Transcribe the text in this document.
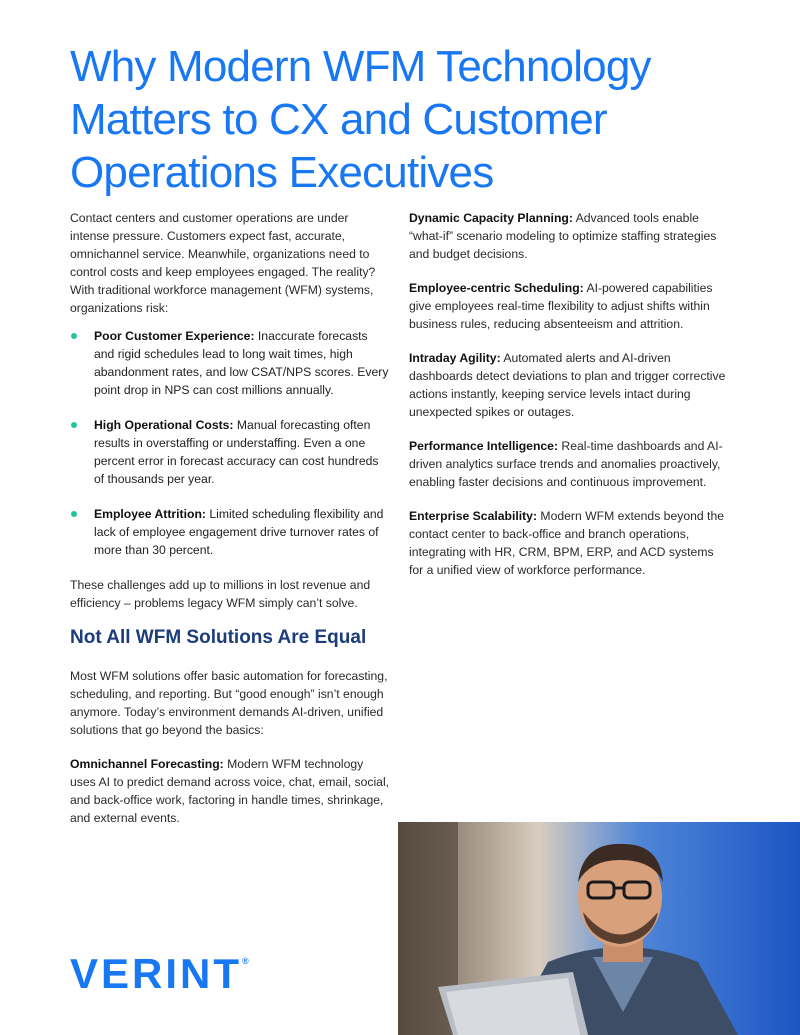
Why Modern WFM Technology
Matters to CX and Customer
Operations Executives

Contact centers and customer operations are under intense pressure. Customers expect fast, accurate, omnichannel service. Meanwhile, organizations need to control costs and keep employees engaged. The reality? With traditional workforce management (WFM) systems, organizations risk:

Poor Customer Experience: Inaccurate forecasts and rigid schedules lead to long wait times, high abandonment rates, and low CSAT/NPS scores. Every point drop in NPS can cost millions annually.
High Operational Costs: Manual forecasting often results in overstaffing or understaffing. Even a one percent error in forecast accuracy can cost hundreds of thousands per year.
Employee Attrition: Limited scheduling flexibility and lack of employee engagement drive turnover rates of more than 30 percent.

These challenges add up to millions in lost revenue and efficiency – problems legacy WFM simply can’t solve.

Not All WFM Solutions Are Equal

Most WFM solutions offer basic automation for forecasting, scheduling, and reporting. But “good enough” isn’t enough anymore. Today’s environment demands AI-driven, unified solutions that go beyond the basics:

Omnichannel Forecasting: Modern WFM technology uses AI to predict demand across voice, chat, email, social, and back-office work, factoring in handle times, shrinkage, and external events.

Dynamic Capacity Planning: Advanced tools enable “what-if” scenario modeling to optimize staffing strategies and budget decisions.

Employee-centric Scheduling: AI-powered capabilities give employees real-time flexibility to adjust shifts within business rules, reducing absenteeism and attrition.

Intraday Agility: Automated alerts and AI-driven dashboards detect deviations to plan and trigger corrective actions instantly, keeping service levels intact during unexpected spikes or outages.

Performance Intelligence: Real-time dashboards and AI-driven analytics surface trends and anomalies proactively, enabling faster decisions and continuous improvement.

Enterprise Scalability: Modern WFM extends beyond the contact center to back-office and branch operations, integrating with HR, CRM, BPM, ERP, and ACD systems for a unified view of workforce performance.

VERINT®
